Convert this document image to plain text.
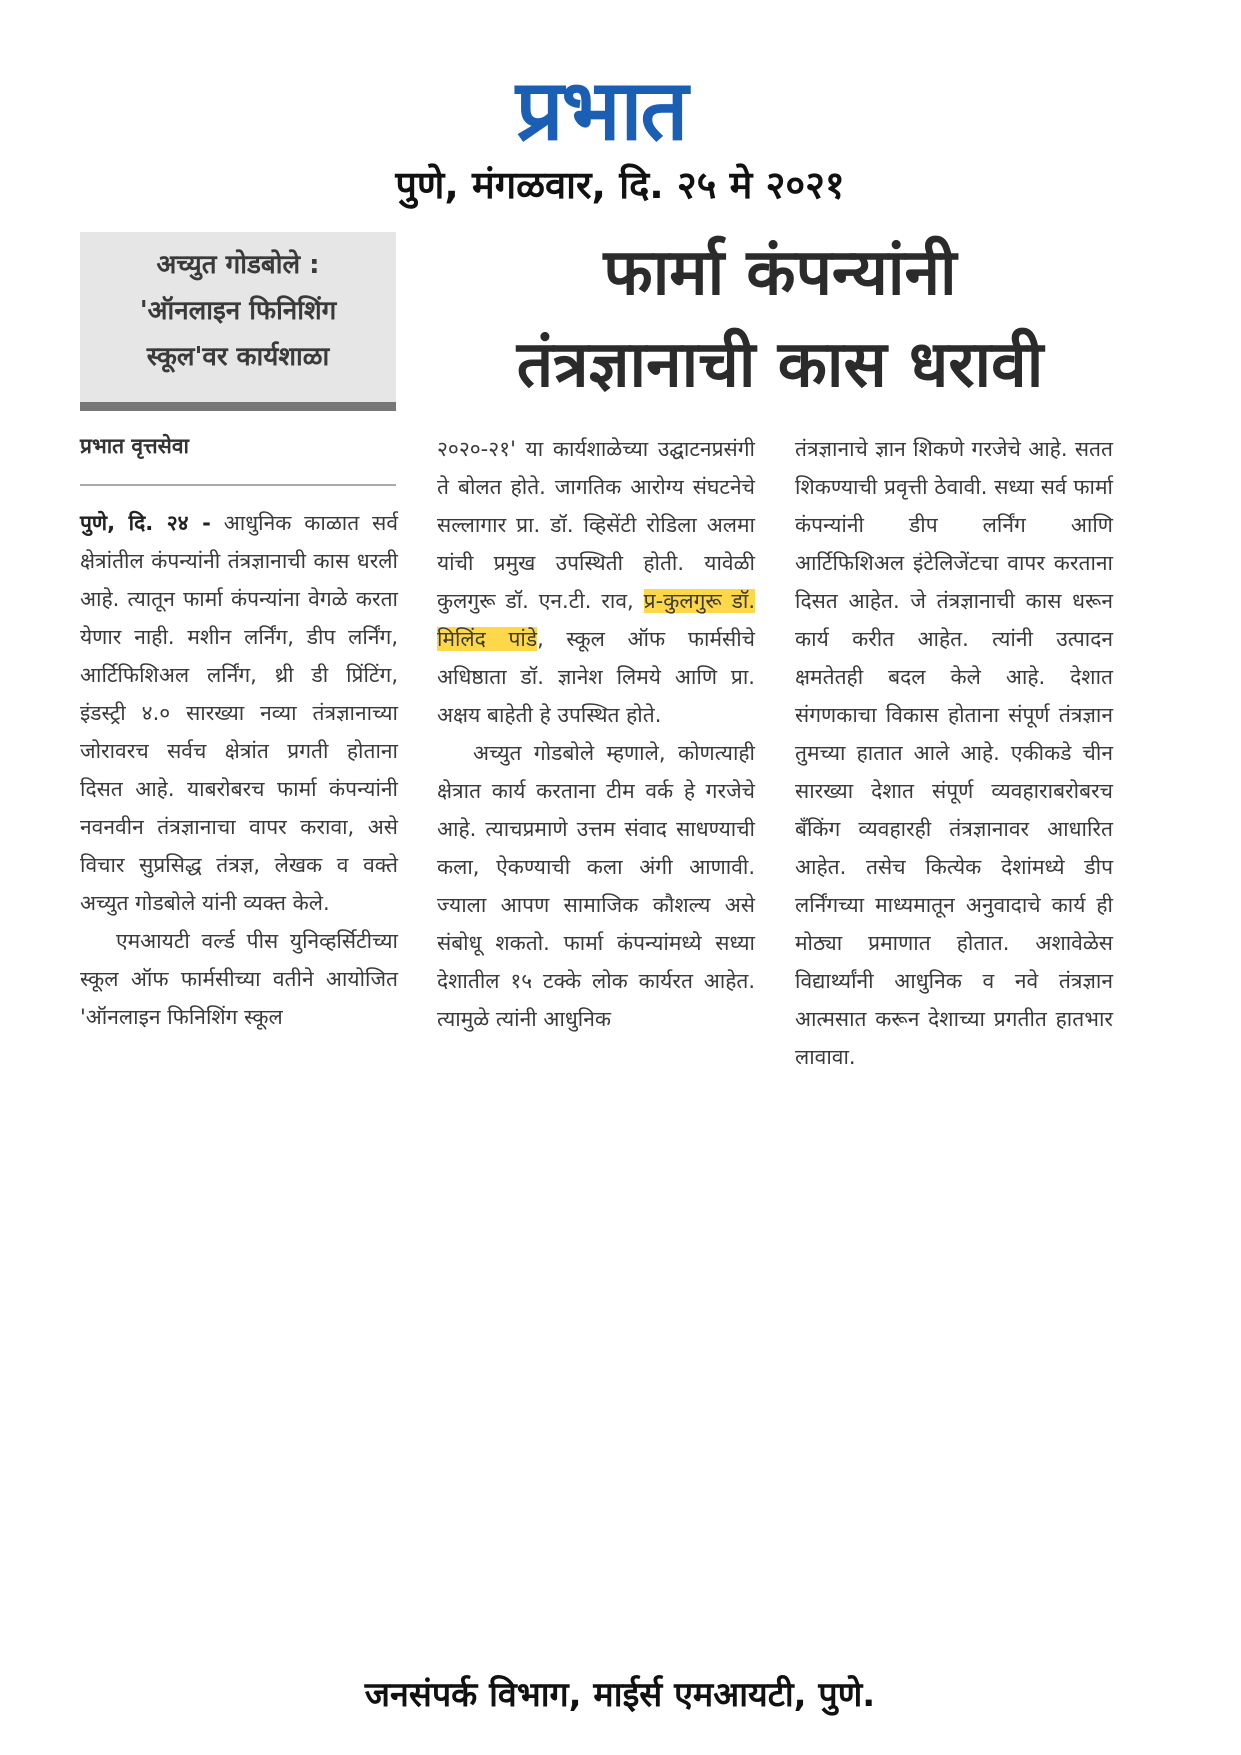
प्रभात
पुणे, मंगळवार, दि. २५ मे २०२१
अच्युत गोडबोले :
'ऑनलाइन फिनिशिंग
स्कूल'वर कार्यशाळा
फार्मा कंपन्यांनी
तंत्रज्ञानाची कास धरावी
प्रभात वृत्तसेवा

पुणे, दि. २४ - आधुनिक काळात सर्व क्षेत्रांतील कंपन्यांनी तंत्रज्ञानाची कास धरली आहे. त्यातून फार्मा कंपन्यांना वेगळे करता येणार नाही. मशीन लर्निंग, डीप लर्निंग, आर्टिफिशिअल लर्निंग, थ्री डी प्रिंटिंग, इंडस्ट्री ४.० सारख्या नव्या तंत्रज्ञानाच्या जोरावरच सर्वच क्षेत्रांत प्रगती होताना दिसत आहे. याबरोबरच फार्मा कंपन्यांनी नवनवीन तंत्रज्ञानाचा वापर करावा, असे विचार सुप्रसिद्ध तंत्रज्ञ, लेखक व वक्ते अच्युत गोडबोले यांनी व्यक्त केले.

एमआयटी वर्ल्ड पीस युनिव्हर्सिटीच्या स्कूल ऑफ फार्मसीच्या वतीने आयोजित 'ऑनलाइन फिनिशिंग स्कूल

२०२०-२१' या कार्यशाळेच्या उद्घाटनप्रसंगी ते बोलत होते. जागतिक आरोग्य संघटनेचे सल्लागार प्रा. डॉ. व्हिसेंटी रोडिला अलमा यांची प्रमुख उपस्थिती होती. यावेळी कुलगुरू डॉ. एन.टी. राव, प्र-कुलगुरू डॉ. मिलिंद पांडे, स्कूल ऑफ फार्मसीचे अधिष्ठाता डॉ. ज्ञानेश लिमये आणि प्रा. अक्षय बाहेती हे उपस्थित होते.

अच्युत गोडबोले म्हणाले, कोणत्याही क्षेत्रात कार्य करताना टीम वर्क हे गरजेचे आहे. त्याचप्रमाणे उत्तम संवाद साधण्याची कला, ऐकण्याची कला अंगी आणावी. ज्याला आपण सामाजिक कौशल्य असे संबोधू शकतो. फार्मा कंपन्यांमध्ये सध्या देशातील १५ टक्के लोक कार्यरत आहेत. त्यामुळे त्यांनी आधुनिक

तंत्रज्ञानाचे ज्ञान शिकणे गरजेचे आहे. सतत शिकण्याची प्रवृत्ती ठेवावी. सध्या सर्व फार्मा कंपन्यांनी डीप लर्निंग आणि आर्टिफिशिअल इंटेलिजेंटचा वापर करताना दिसत आहेत. जे तंत्रज्ञानाची कास धरून कार्य करीत आहेत. त्यांनी उत्पादन क्षमतेतही बदल केले आहे. देशात संगणकाचा विकास होताना संपूर्ण तंत्रज्ञान तुमच्या हातात आले आहे. एकीकडे चीन सारख्या देशात संपूर्ण व्यवहाराबरोबरच बँकिंग व्यवहारही तंत्रज्ञानावर आधारित आहेत. तसेच कित्येक देशांमध्ये डीप लर्निंगच्या माध्यमातून अनुवादाचे कार्य ही मोठ्या प्रमाणात होतात. अशावेळेस विद्यार्थ्यांनी आधुनिक व नवे तंत्रज्ञान आत्मसात करून देशाच्या प्रगतीत हातभार लावावा.

जनसंपर्क विभाग, माईर्स एमआयटी, पुणे.
